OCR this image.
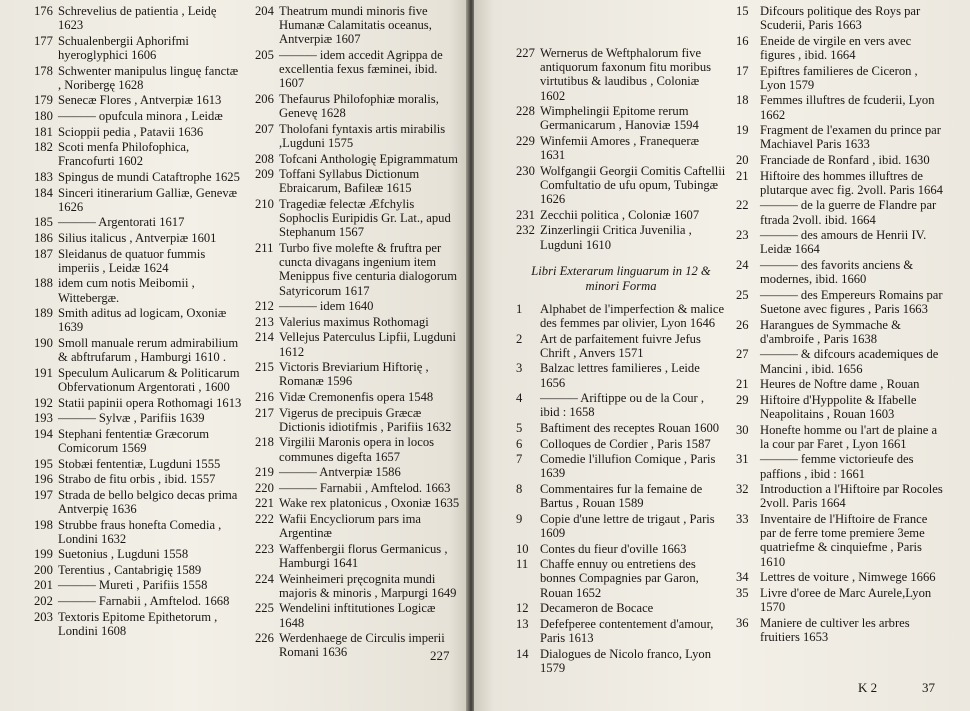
176 Schrevelius de patientia , Leidę 1623
177 Schualenbergii Aphorifmi hyeroglyphici 1606
178 Schwenter manipulus linguę fanctæ , Noribergę 1628
179 Senecæ Flores , Antverpiæ 1613
180 ——— opufcula minora , Leidæ
181 Scioppii pedia , Patavii 1636
182 Scoti menfa Philofophica, Francofurti 1602
183 Spingus de mundi Cataftrophe 1625
184 Sinceri itinerarium Galliæ, Genevæ 1626
185 ——— Argentorati 1617
186 Silius italicus , Antverpiæ 1601
187 Sleidanus de quatuor fummis imperiis , Leidæ 1624
188 idem cum notis Meibomii , Wittebergæ.
189 Smith aditus ad logicam, Oxoniæ 1639
190 Smoll manuale rerum admirabilium & abftrufarum , Hamburgi 1610 .
191 Speculum Aulicarum & Politicarum Obfervationum Argentorati , 1600
192 Statii papinii opera Rothomagi 1613
193 ——— Sylvæ , Parifiis 1639
194 Stephani fententiæ Græcorum Comicorum 1569
195 Stobæi fententiæ, Lugduni 1555
196 Strabo de fitu orbis , ibid. 1557
197 Strada de bello belgico decas prima Antverpię 1636
198 Strubbe fraus honefta Comedia , Londini 1632
199 Suetonius , Lugduni 1558
200 Terentius , Cantabrigię 1589
201 ——— Mureti , Parifiis 1558
202 ——— Farnabii , Amftelod. 1668
203 Textoris Epitome Epithetorum , Londini 1608
204 Theatrum mundi minoris five Humanæ Calamitatis oceanus, Antverpiæ 1607
205 ——— idem accedit Agrippa de excellentia fexus fæminei, ibid. 1607
206 Thefaurus Philofophiæ moralis, Genevę 1628
207 Tholofani fyntaxis artis mirabilis ,Lugduni 1575
208 Tofcani Anthologię Epigrammatum
209 Toffani Syllabus Dictionum Ebraicarum, Bafileæ 1615
210 Tragediæ felectæ Æfchylis Sophoclis Euripidis Gr. Lat., apud Stephanum 1567
211 Turbo five molefte & fruftra per cuncta divagans ingenium item Menippus five centuria dialogorum Satyricorum 1617
212 ——— idem 1640
213 Valerius maximus Rothomagi
214 Vellejus Paterculus Lipfii, Lugduni 1612
215 Victoris Breviarium Hiftorię , Romanæ 1596
216 Vidæ Cremonenfis opera 1548
217 Vigerus de precipuis Græcæ Dictionis idiotifmis , Parifiis 1632
218 Virgilii Maronis opera in locos communes digefta 1657
219 ——— Antverpiæ 1586
220 ——— Farnabii , Amftelod. 1663
221 Wake rex platonicus , Oxoniæ 1635
222 Wafii Encycliorum pars ima Argentinæ
223 Waffenbergii florus Germanicus , Hamburgi 1641
224 Weinheimeri pręcognita mundi majoris & minoris , Marpurgi 1649
225 Wendelini inftitutiones Logicæ 1648
226 Werdenhaege de Circulis imperii Romani 1636	227
227 Wernerus de Weftphalorum five antiquorum faxonum fitu moribus virtutibus & laudibus , Coloniæ 1602
228 Wimphelingii Epitome rerum Germanicarum , Hanoviæ 1594
229 Winfemii Amores , Franequeræ 1631
230 Wolfgangii Georgii Comitis Caftellii Comfultatio de ufu opum, Tubingæ 1626
231 Zecchii politica , Coloniæ 1607
232 Zinzerlingii Critica Juvenilia , Lugduni 1610
Libri Exterarum linguarum in 12 & minori Forma
1	Alphabet de l'imperfection & malice des femmes par olivier, Lyon 1646
2	Art de parfaitement fuivre Jefus Chrift , Anvers 1571
3	Balzac lettres familieres , Leide 1656
4	——— Ariftippe ou de la Cour , ibid : 1658
5	Baftiment des receptes Rouan 1600
6	Colloques de Cordier , Paris 1587
7	Comedie l'illufion Comique , Paris 1639
8	Commentaires fur la femaine de Bartus , Rouan 1589
9	Copie d'une lettre de trigaut , Paris 1609
10 Contes du fieur d'oville 1663
11 Chaffe ennuy ou entretiens des bonnes Compagnies par Garon, Rouan 1652
12 Decameron de Bocace
13 Defefperee contentement d'amour, Paris 1613
14 Dialogues de Nicolo franco, Lyon 1579
15 Difcours politique des Roys par Scuderii, Paris 1663
16 Eneide de virgile en vers avec figures , ibid. 1664
17 Epiftres familieres de Ciceron , Lyon 1579
18 Femmes illuftres de fcuderii, Lyon 1662
19 Fragment de l'examen du prince par Machiavel Paris 1633
20 Franciade de Ronfard , ibid. 1630
21 Hiftoire des hommes illuftres de plutarque avec fig. 2voll. Paris 1664
22 ——— de la guerre de Flandre par ftrada 2voll. ibid. 1664
23 ——— des amours de Henrii IV. Leidæ 1664
24 ——— des favorits anciens & modernes, ibid. 1660
25 ——— des Empereurs Romains par Suetone avec figures , Paris 1663
26 Harangues de Symmache & d'ambroife , Paris 1638
27 ——— & difcours academiques de Mancini , ibid. 1656
21 Heures de Noftre dame , Rouan
29 Hiftoire d'Hyppolite & Ifabelle Neapolitains , Rouan 1603
30 Honefte homme ou l'art de plaine a la cour par Faret , Lyon 1661
31 ——— femme victorieufe des paffions , ibid : 1661
32 Introduction a l'Hiftoire par Rocoles 2voll. Paris 1664
33 Inventaire de l'Hiftoire de France par de ferre tome premiere 3eme quatriefme & cinquiefme , Paris 1610
34 Lettres de voiture , Nimwege 1666
35 Livre d'oree de Marc Aurele,Lyon 1570
36 Maniere de cultiver les arbres fruitiers 1653
K 2	37
